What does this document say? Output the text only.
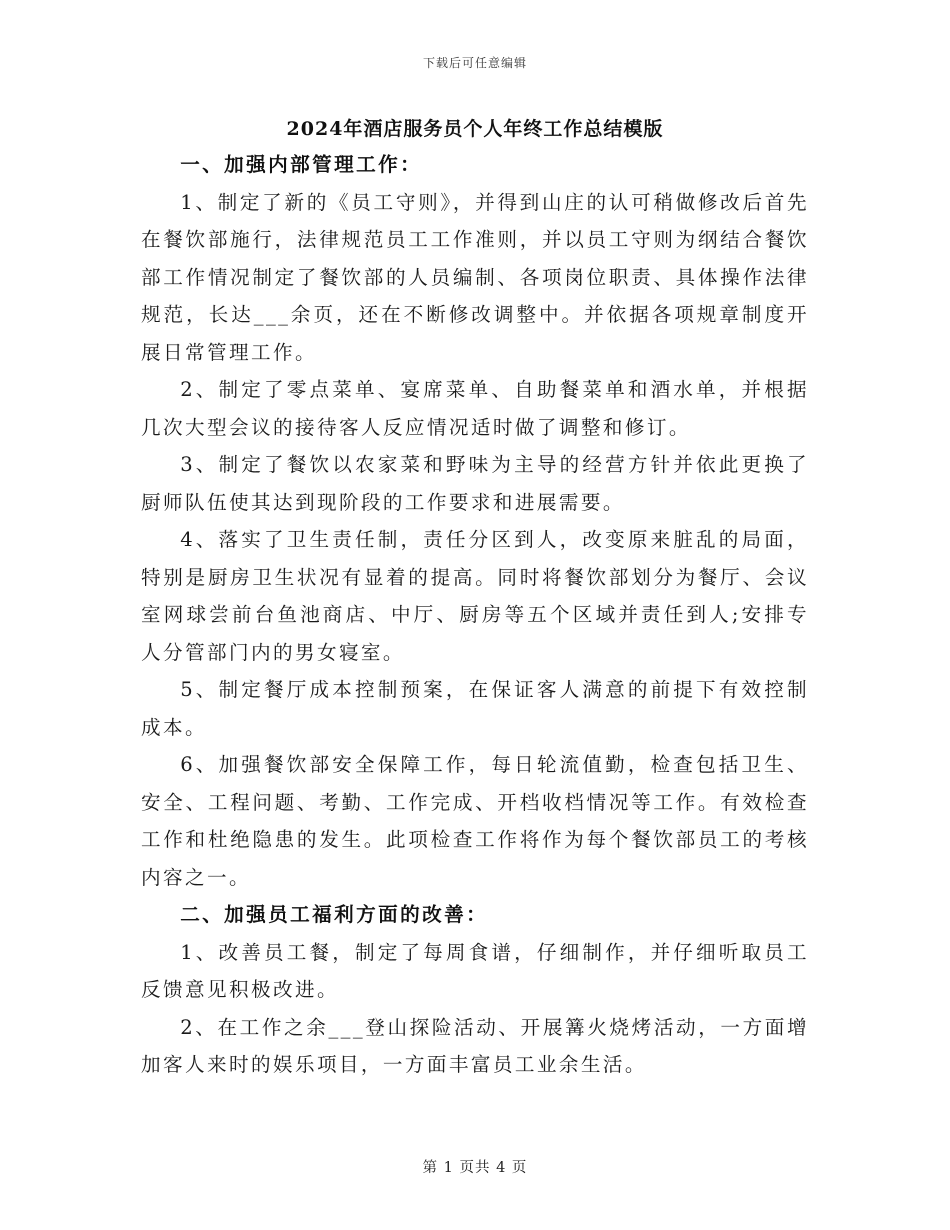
下载后可任意编辑
2024年酒店服务员个人年终工作总结模版

一、加强内部管理工作：

1、制定了新的《员工守则》，并得到山庄的认可稍做修改后首先在餐饮部施行，法律规范员工工作准则，并以员工守则为纲结合餐饮部工作情况制定了餐饮部的人员编制、各项岗位职责、具体操作法律规范，长达___余页，还在不断修改调整中。并依据各项规章制度开展日常管理工作。

2、制定了零点菜单、宴席菜单、自助餐菜单和酒水单，并根据几次大型会议的接待客人反应情况适时做了调整和修订。

3、制定了餐饮以农家菜和野味为主导的经营方针并依此更换了厨师队伍使其达到现阶段的工作要求和进展需要。

4、落实了卫生责任制，责任分区到人，改变原来脏乱的局面，特别是厨房卫生状况有显着的提高。同时将餐饮部划分为餐厅、会议室网球尝前台鱼池商店、中厅、厨房等五个区域并责任到人;安排专人分管部门内的男女寝室。

5、制定餐厅成本控制预案，在保证客人满意的前提下有效控制成本。

6、加强餐饮部安全保障工作，每日轮流值勤，检查包括卫生、安全、工程问题、考勤、工作完成、开档收档情况等工作。有效检查工作和杜绝隐患的发生。此项检查工作将作为每个餐饮部员工的考核内容之一。

二、加强员工福利方面的改善：

1、改善员工餐，制定了每周食谱，仔细制作，并仔细听取员工反馈意见积极改进。

2、在工作之余___登山探险活动、开展篝火烧烤活动，一方面增加客人来时的娱乐项目，一方面丰富员工业余生活。

第 1 页共 4 页
